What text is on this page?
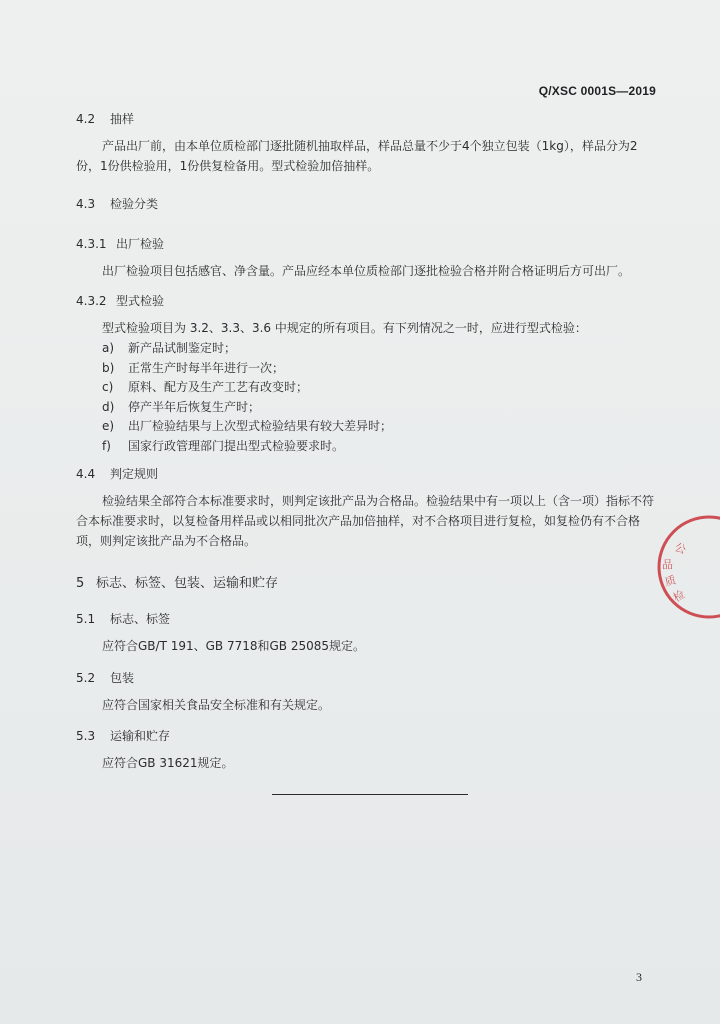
Q/XSC 0001S—2019
4.2 抽样
产品出厂前，由本单位质检部门逐批随机抽取样品，样品总量不少于4个独立包装（1kg），样品分为2份，1份供检验用，1份供复检备用。型式检验加倍抽样。
4.3 检验分类
4.3.1 出厂检验
出厂检验项目包括感官、净含量。产品应经本单位质检部门逐批检验合格并附合格证明后方可出厂。
4.3.2 型式检验
型式检验项目为 3.2、3.3、3.6 中规定的所有项目。有下列情况之一时，应进行型式检验：
a) 新产品试制鉴定时；
b) 正常生产时每半年进行一次；
c) 原料、配方及生产工艺有改变时；
d) 停产半年后恢复生产时；
e) 出厂检验结果与上次型式检验结果有较大差异时；
f) 国家行政管理部门提出型式检验要求时。
4.4 判定规则
检验结果全部符合本标准要求时，则判定该批产品为合格品。检验结果中有一项以上（含一项）指标不符合本标准要求时，以复检备用样品或以相同批次产品加倍抽样，对不合格项目进行复检，如复检仍有不合格项，则判定该批产品为不合格品。
5 标志、标签、包装、运输和贮存
5.1 标志、标签
应符合GB/T 191、GB 7718和GB 25085规定。
5.2 包装
应符合国家相关食品安全标准和有关规定。
5.3 运输和贮存
应符合GB 31621规定。
公
品
质
检
3
